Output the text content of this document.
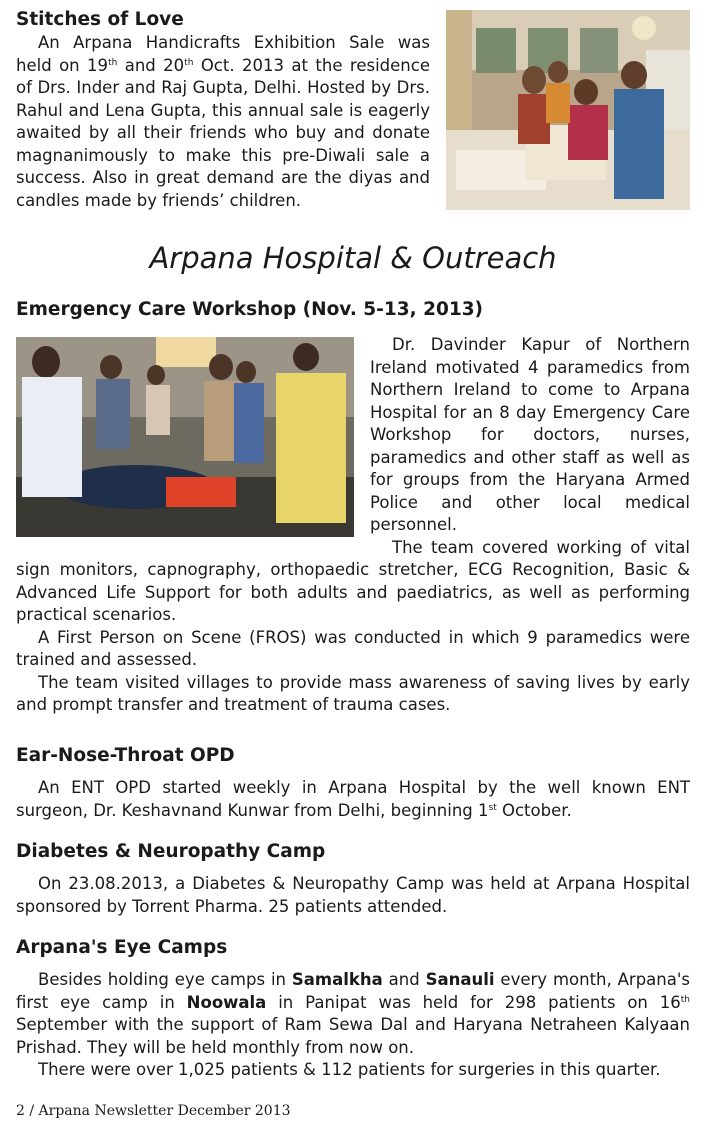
Stitches of Love

An Arpana Handicrafts Exhibition Sale was held on 19th and 20th Oct. 2013 at the residence of Drs. Inder and Raj Gupta, Delhi. Hosted by Drs. Rahul and Lena Gupta, this annual sale is eagerly awaited by all their friends who buy and donate magnanimously to make this pre-Diwali sale a success. Also in great demand are the diyas and candles made by friends’ children.

Arpana Hospital & Outreach
Emergency Care Workshop (Nov. 5-13, 2013)

Dr. Davinder Kapur of Northern Ireland motivated 4 paramedics from Northern Ireland to come to Arpana Hospital for an 8 day Emergency Care Workshop for doctors, nurses, paramedics and other staff as well as for groups from the Haryana Armed Police and other local medical personnel.

The team covered working of vital sign monitors, capnography, orthopaedic stretcher, ECG Recognition, Basic & Advanced Life Support for both adults and paediatrics, as well as performing practical scenarios.

A First Person on Scene (FROS) was conducted in which 9 paramedics were trained and assessed.

The team visited villages to provide mass awareness of saving lives by early and prompt transfer and treatment of trauma cases.

Ear-Nose-Throat OPD

An ENT OPD started weekly in Arpana Hospital by the well known ENT surgeon, Dr. Keshavnand Kunwar from Delhi, beginning 1st October.

Diabetes & Neuropathy Camp

On 23.08.2013, a Diabetes & Neuropathy Camp was held at Arpana Hospital sponsored by Torrent Pharma. 25 patients attended.

Arpana's Eye Camps

Besides holding eye camps in Samalkha and Sanauli every month, Arpana's first eye camp in Noowala in Panipat was held for 298 patients on 16th September with the support of Ram Sewa Dal and Haryana Netraheen Kalyaan Prishad. They will be held monthly from now on.

There were over 1,025 patients & 112 patients for surgeries in this quarter.

2 / Arpana Newsletter December 2013
